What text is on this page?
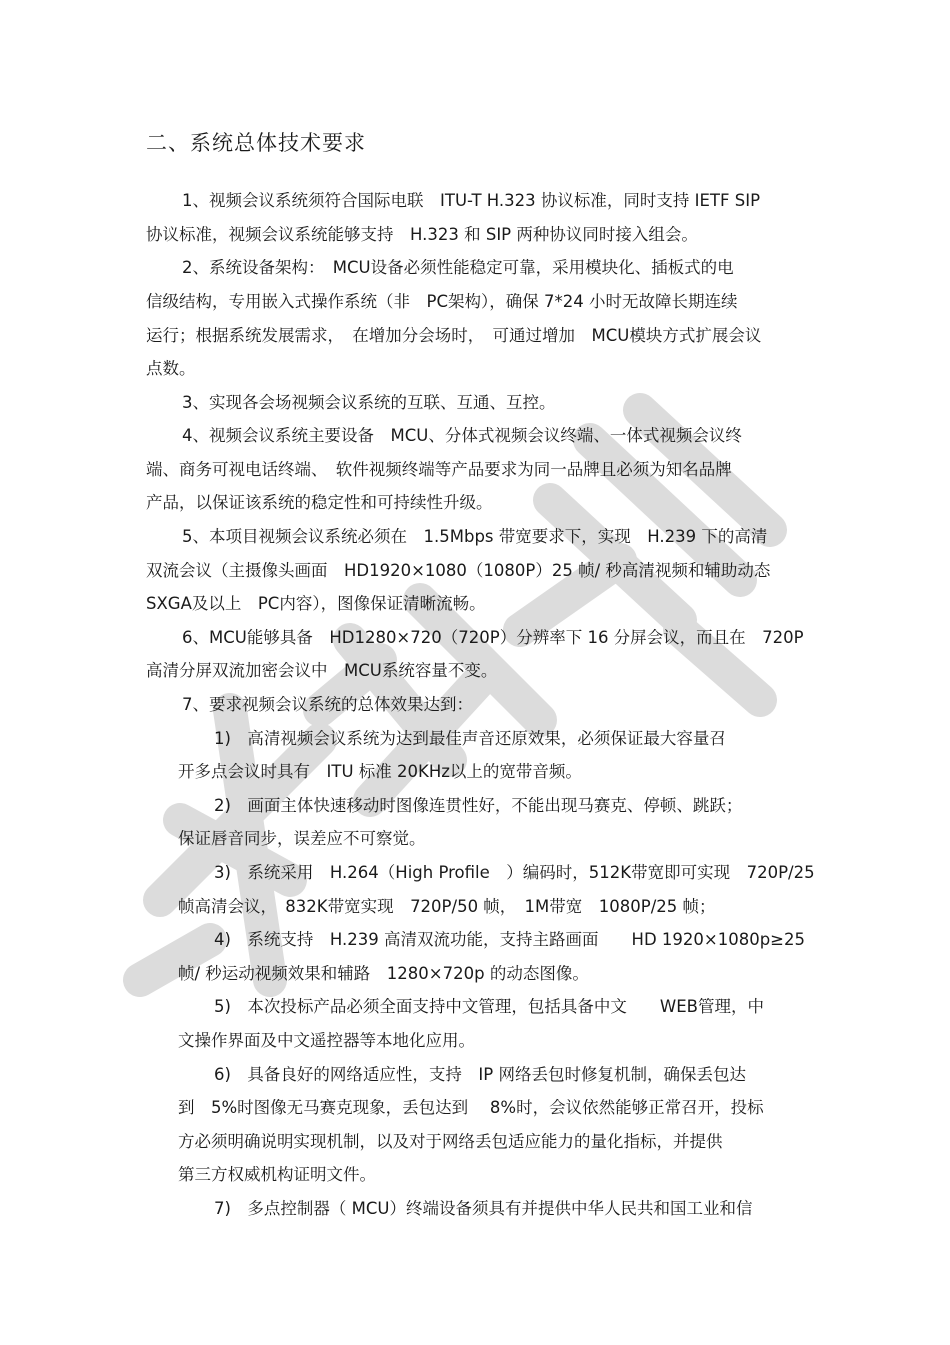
二、系统总体技术要求
1、视频会议系统须符合国际电联　ITU-T H.323 协议标准，同时支持 IETF SIP
协议标准，视频会议系统能够支持　H.323 和 SIP 两种协议同时接入组会。
2、系统设备架构：　MCU设备必须性能稳定可靠，采用模块化、插板式的电
信级结构，专用嵌入式操作系统（非　PC架构），确保 7*24 小时无故障长期连续
运行；根据系统发展需求，　在增加分会场时，　可通过增加　MCU模块方式扩展会议
点数。
3、实现各会场视频会议系统的互联、互通、互控。
4、视频会议系统主要设备　MCU、分体式视频会议终端、一体式视频会议终
端、商务可视电话终端、　软件视频终端等产品要求为同一品牌且必须为知名品牌
产品，以保证该系统的稳定性和可持续性升级。
5、本项目视频会议系统必须在　1.5Mbps 带宽要求下，实现　H.239 下的高清
双流会议（主摄像头画面　HD1920×1080（1080P）25 帧/ 秒高清视频和辅助动态
SXGA及以上　PC内容），图像保证清晰流畅。
6、MCU能够具备　HD1280×720（720P）分辨率下 16 分屏会议，而且在　720P
高清分屏双流加密会议中　MCU系统容量不变。
7、要求视频会议系统的总体效果达到：
1)　高清视频会议系统为达到最佳声音还原效果，必须保证最大容量召
开多点会议时具有　ITU 标准 20KHz以上的宽带音频。
2)　画面主体快速移动时图像连贯性好，不能出现马赛克、停顿、跳跃；
保证唇音同步，误差应不可察觉。
3)　系统采用　H.264（High Profile　）编码时，512K带宽即可实现　720P/25
帧高清会议，　832K带宽实现　720P/50 帧，　1M带宽　1080P/25 帧；
4)　系统支持　H.239 高清双流功能，支持主路画面　　HD 1920×1080p≥25
帧/ 秒运动视频效果和辅路　1280×720p 的动态图像。
5)　本次投标产品必须全面支持中文管理，包括具备中文　　WEB管理，中
文操作界面及中文遥控器等本地化应用。
6)　具备良好的网络适应性，支持　IP 网络丢包时修复机制，确保丢包达
到　5%时图像无马赛克现象，丢包达到　 8%时，会议依然能够正常召开，投标
方必须明确说明实现机制，以及对于网络丢包适应能力的量化指标，并提供
第三方权威机构证明文件。
7)　多点控制器（ MCU）终端设备须具有并提供中华人民共和国工业和信
